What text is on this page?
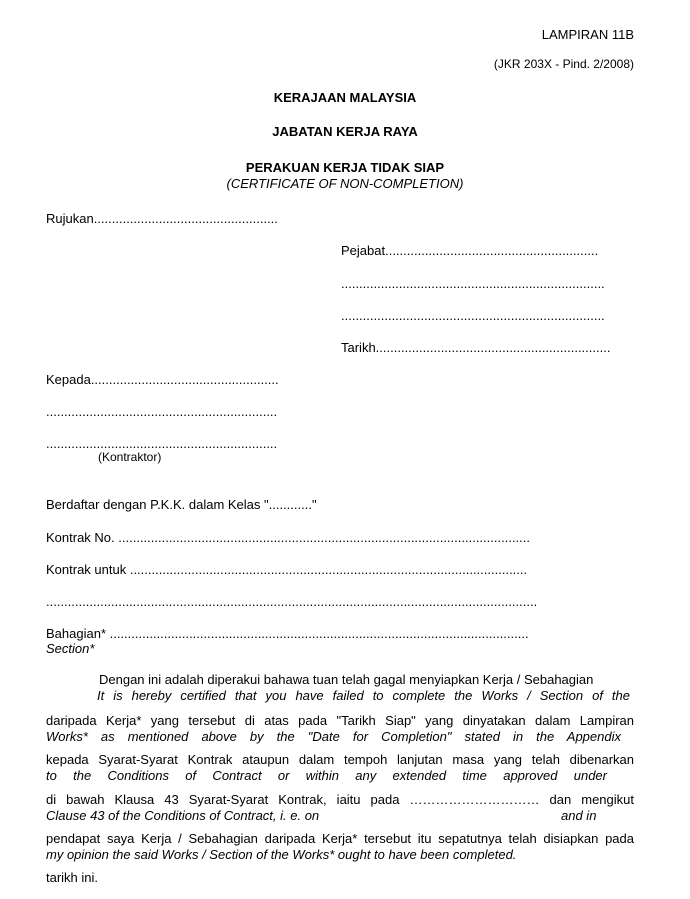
LAMPIRAN 11B
(JKR 203X - Pind. 2/2008)
KERAJAAN MALAYSIA
JABATAN KERJA RAYA
PERAKUAN KERJA TIDAK SIAP
(CERTIFICATE OF NON-COMPLETION)
Rujukan...................................................
Pejabat...........................................................
.........................................................................
.........................................................................
Tarikh.................................................................
Kepada....................................................
................................................................
................................................................
(Kontraktor)
Berdaftar dengan P.K.K. dalam Kelas "............"
Kontrak No. ..................................................................................................................
Kontrak untuk ..............................................................................................................
........................................................................................................................................
Bahagian* ....................................................................................................................
Section*
Dengan ini adalah diperakui bahawa tuan telah gagal menyiapkan Kerja / Sebahagian
It is hereby certified that you have failed to complete the Works / Section of the
daripada Kerja* yang tersebut di atas pada "Tarikh Siap" yang dinyatakan dalam Lampiran
Works* as mentioned above by the "Date for Completion" stated in the Appendix
kepada Syarat-Syarat Kontrak ataupun dalam tempoh lanjutan masa yang telah dibenarkan
to the Conditions of Contract or within any extended time approved under
di bawah Klausa 43 Syarat-Syarat Kontrak, iaitu pada ………………………… dan mengikut
Clause 43 of the Conditions of Contract, i. e. on	and in
pendapat saya Kerja / Sebahagian daripada Kerja* tersebut itu sepatutnya telah disiapkan pada
my opinion the said Works / Section of the Works* ought to have been completed.
tarikh ini.
